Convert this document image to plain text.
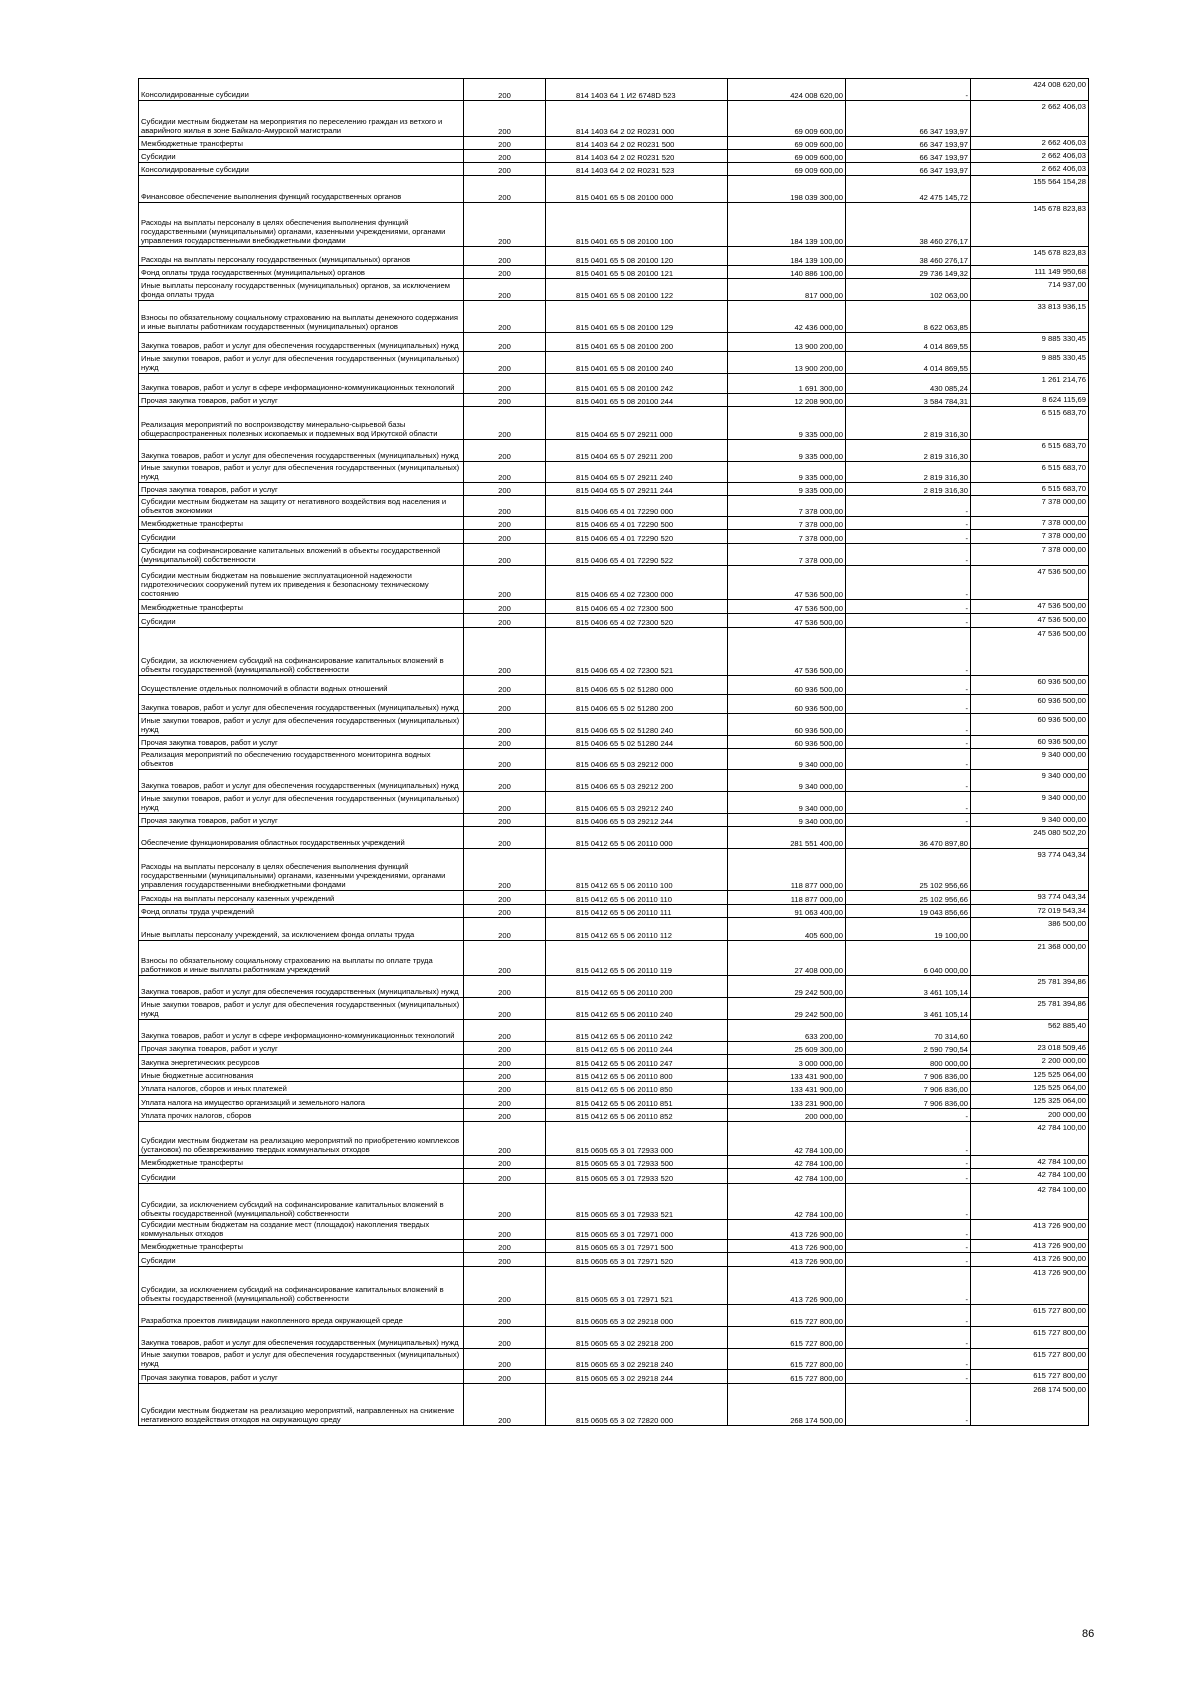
Консолидированные субсидии	200	814 1403 64 1 И2 6748D 523	424 008 620,00	-	424 008 620,00
Субсидии местным бюджетам на мероприятия по переселению граждан из ветхого и аварийного жилья в зоне Байкало-Амурской магистрали	200	814 1403 64 2 02 R0231 000	69 009 600,00	66 347 193,97	2 662 406,03
Межбюджетные трансферты	200	814 1403 64 2 02 R0231 500	69 009 600,00	66 347 193,97	2 662 406,03
Субсидии	200	814 1403 64 2 02 R0231 520	69 009 600,00	66 347 193,97	2 662 406,03
Консолидированные субсидии	200	814 1403 64 2 02 R0231 523	69 009 600,00	66 347 193,97	2 662 406,03
Финансовое обеспечение выполнения функций государственных органов	200	815 0401 65 5 08 20100 000	198 039 300,00	42 475 145,72	155 564 154,28
Расходы на выплаты персоналу в целях обеспечения выполнения функций государственными (муниципальными) органами, казенными учреждениями, органами управления государственными внебюджетными фондами	200	815 0401 65 5 08 20100 100	184 139 100,00	38 460 276,17	145 678 823,83
Расходы на выплаты персоналу государственных (муниципальных) органов	200	815 0401 65 5 08 20100 120	184 139 100,00	38 460 276,17	145 678 823,83
Фонд оплаты труда государственных (муниципальных) органов	200	815 0401 65 5 08 20100 121	140 886 100,00	29 736 149,32	111 149 950,68
Иные выплаты персоналу государственных (муниципальных) органов, за исключением фонда оплаты труда	200	815 0401 65 5 08 20100 122	817 000,00	102 063,00	714 937,00
Взносы по обязательному социальному страхованию на выплаты денежного содержания и иные выплаты работникам государственных (муниципальных) органов	200	815 0401 65 5 08 20100 129	42 436 000,00	8 622 063,85	33 813 936,15
Закупка товаров, работ и услуг для обеспечения государственных (муниципальных) нужд	200	815 0401 65 5 08 20100 200	13 900 200,00	4 014 869,55	9 885 330,45
Иные закупки товаров, работ и услуг для обеспечения государственных (муниципальных) нужд	200	815 0401 65 5 08 20100 240	13 900 200,00	4 014 869,55	9 885 330,45
Закупка товаров, работ и услуг в сфере информационно-коммуникационных технологий	200	815 0401 65 5 08 20100 242	1 691 300,00	430 085,24	1 261 214,76
Прочая закупка товаров, работ и услуг	200	815 0401 65 5 08 20100 244	12 208 900,00	3 584 784,31	8 624 115,69
Реализация мероприятий по воспроизводству минерально-сырьевой базы общераспространенных полезных ископаемых и подземных вод Иркутской области	200	815 0404 65 5 07 29211 000	9 335 000,00	2 819 316,30	6 515 683,70
Закупка товаров, работ и услуг для обеспечения государственных (муниципальных) нужд	200	815 0404 65 5 07 29211 200	9 335 000,00	2 819 316,30	6 515 683,70
Иные закупки товаров, работ и услуг для обеспечения государственных (муниципальных) нужд	200	815 0404 65 5 07 29211 240	9 335 000,00	2 819 316,30	6 515 683,70
Прочая закупка товаров, работ и услуг	200	815 0404 65 5 07 29211 244	9 335 000,00	2 819 316,30	6 515 683,70
Субсидии местным бюджетам на защиту от негативного воздействия вод населения и объектов экономики	200	815 0406 65 4 01 72290 000	7 378 000,00	-	7 378 000,00
Межбюджетные трансферты	200	815 0406 65 4 01 72290 500	7 378 000,00	-	7 378 000,00
Субсидии	200	815 0406 65 4 01 72290 520	7 378 000,00	-	7 378 000,00
Субсидии на софинансирование капитальных вложений в объекты государственной (муниципальной) собственности	200	815 0406 65 4 01 72290 522	7 378 000,00	-	7 378 000,00
Субсидии местным бюджетам на повышение эксплуатационной надежности гидротехнических сооружений путем их приведения к безопасному техническому состоянию	200	815 0406 65 4 02 72300 000	47 536 500,00	-	47 536 500,00
Межбюджетные трансферты	200	815 0406 65 4 02 72300 500	47 536 500,00	-	47 536 500,00
Субсидии	200	815 0406 65 4 02 72300 520	47 536 500,00	-	47 536 500,00
Субсидии, за исключением субсидий на софинансирование капитальных вложений в объекты государственной (муниципальной) собственности	200	815 0406 65 4 02 72300 521	47 536 500,00	-	47 536 500,00
Осуществление отдельных полномочий в области водных отношений	200	815 0406 65 5 02 51280 000	60 936 500,00	-	60 936 500,00
Закупка товаров, работ и услуг для обеспечения государственных (муниципальных) нужд	200	815 0406 65 5 02 51280 200	60 936 500,00	-	60 936 500,00
Иные закупки товаров, работ и услуг для обеспечения государственных (муниципальных) нужд	200	815 0406 65 5 02 51280 240	60 936 500,00	-	60 936 500,00
Прочая закупка товаров, работ и услуг	200	815 0406 65 5 02 51280 244	60 936 500,00	-	60 936 500,00
Реализация мероприятий по обеспечению государственного мониторинга водных объектов	200	815 0406 65 5 03 29212 000	9 340 000,00	-	9 340 000,00
Закупка товаров, работ и услуг для обеспечения государственных (муниципальных) нужд	200	815 0406 65 5 03 29212 200	9 340 000,00	-	9 340 000,00
Иные закупки товаров, работ и услуг для обеспечения государственных (муниципальных) нужд	200	815 0406 65 5 03 29212 240	9 340 000,00	-	9 340 000,00
Прочая закупка товаров, работ и услуг	200	815 0406 65 5 03 29212 244	9 340 000,00	-	9 340 000,00
Обеспечение функционирования областных государственных учреждений	200	815 0412 65 5 06 20110 000	281 551 400,00	36 470 897,80	245 080 502,20
Расходы на выплаты персоналу в целях обеспечения выполнения функций государственными (муниципальными) органами, казенными учреждениями, органами управления государственными внебюджетными фондами	200	815 0412 65 5 06 20110 100	118 877 000,00	25 102 956,66	93 774 043,34
Расходы на выплаты персоналу казенных учреждений	200	815 0412 65 5 06 20110 110	118 877 000,00	25 102 956,66	93 774 043,34
Фонд оплаты труда учреждений	200	815 0412 65 5 06 20110 111	91 063 400,00	19 043 856,66	72 019 543,34
Иные выплаты персоналу учреждений, за исключением фонда оплаты труда	200	815 0412 65 5 06 20110 112	405 600,00	19 100,00	386 500,00
Взносы по обязательному социальному страхованию на выплаты по оплате труда работников и иные выплаты работникам учреждений	200	815 0412 65 5 06 20110 119	27 408 000,00	6 040 000,00	21 368 000,00
Закупка товаров, работ и услуг для обеспечения государственных (муниципальных) нужд	200	815 0412 65 5 06 20110 200	29 242 500,00	3 461 105,14	25 781 394,86
Иные закупки товаров, работ и услуг для обеспечения государственных (муниципальных) нужд	200	815 0412 65 5 06 20110 240	29 242 500,00	3 461 105,14	25 781 394,86
Закупка товаров, работ и услуг в сфере информационно-коммуникационных технологий	200	815 0412 65 5 06 20110 242	633 200,00	70 314,60	562 885,40
Прочая закупка товаров, работ и услуг	200	815 0412 65 5 06 20110 244	25 609 300,00	2 590 790,54	23 018 509,46
Закупка энергетических ресурсов	200	815 0412 65 5 06 20110 247	3 000 000,00	800 000,00	2 200 000,00
Иные бюджетные ассигнования	200	815 0412 65 5 06 20110 800	133 431 900,00	7 906 836,00	125 525 064,00
Уплата налогов, сборов и иных платежей	200	815 0412 65 5 06 20110 850	133 431 900,00	7 906 836,00	125 525 064,00
Уплата налога на имущество организаций и земельного налога	200	815 0412 65 5 06 20110 851	133 231 900,00	7 906 836,00	125 325 064,00
Уплата прочих налогов, сборов	200	815 0412 65 5 06 20110 852	200 000,00	-	200 000,00
Субсидии местным бюджетам на реализацию мероприятий по приобретению комплексов (установок) по обезвреживанию твердых коммунальных отходов	200	815 0605 65 3 01 72933 000	42 784 100,00	-	42 784 100,00
Межбюджетные трансферты	200	815 0605 65 3 01 72933 500	42 784 100,00	-	42 784 100,00
Субсидии	200	815 0605 65 3 01 72933 520	42 784 100,00	-	42 784 100,00
Субсидии, за исключением субсидий на софинансирование капитальных вложений в объекты государственной (муниципальной) собственности	200	815 0605 65 3 01 72933 521	42 784 100,00	-	42 784 100,00
Субсидии местным бюджетам на создание мест (площадок) накопления твердых коммунальных отходов	200	815 0605 65 3 01 72971 000	413 726 900,00	-	413 726 900,00
Межбюджетные трансферты	200	815 0605 65 3 01 72971 500	413 726 900,00	-	413 726 900,00
Субсидии	200	815 0605 65 3 01 72971 520	413 726 900,00	-	413 726 900,00
Субсидии, за исключением субсидий на софинансирование капитальных вложений в объекты государственной (муниципальной) собственности	200	815 0605 65 3 01 72971 521	413 726 900,00	-	413 726 900,00
Разработка проектов ликвидации накопленного вреда окружающей среде	200	815 0605 65 3 02 29218 000	615 727 800,00	-	615 727 800,00
Закупка товаров, работ и услуг для обеспечения государственных (муниципальных) нужд	200	815 0605 65 3 02 29218 200	615 727 800,00	-	615 727 800,00
Иные закупки товаров, работ и услуг для обеспечения государственных (муниципальных) нужд	200	815 0605 65 3 02 29218 240	615 727 800,00	-	615 727 800,00
Прочая закупка товаров, работ и услуг	200	815 0605 65 3 02 29218 244	615 727 800,00	-	615 727 800,00
Субсидии местным бюджетам на реализацию мероприятий, направленных на снижение негативного воздействия отходов на окружающую среду	200	815 0605 65 3 02 72820 000	268 174 500,00	-	268 174 500,00
86
